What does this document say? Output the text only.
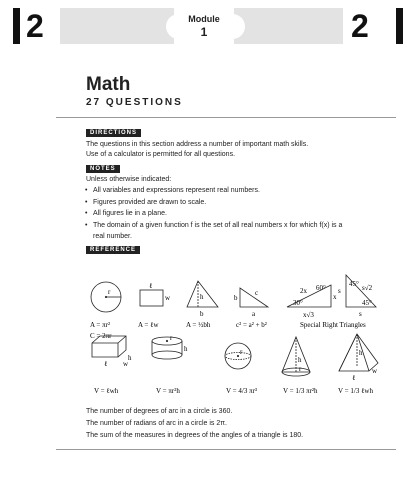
2	2
Module
1
Math
27 QUESTIONS
DIRECTIONS
The questions in this section address a number of important math skills.
Use of a calculator is permitted for all questions.
NOTES
Unless otherwise indicated:
• All variables and expressions represent real numbers.
• Figures provided are drawn to scale.
• All figures lie in a plane.
• The domain of a given function f is the set of all real numbers x for which f(x) is a real number.
REFERENCE
r
ℓ
w	h
b
b
c
a
2x 60°
30°
x
x√3
s
45° s√2
45°
s
h
ℓ w
r
h	r
h
r
h
ℓ
w
A = πr²
C = 2πr
A = ℓw	A = ½bh	c² = a² + b²	Special Right Triangles
V = ℓwh	V = πr²h	V = 4/3 πr³	V = 1/3 πr²h	V = 1/3 ℓwh
The number of degrees of arc in a circle is 360.
The number of radians of arc in a circle is 2π.
The sum of the measures in degrees of the angles of a triangle is 180.
